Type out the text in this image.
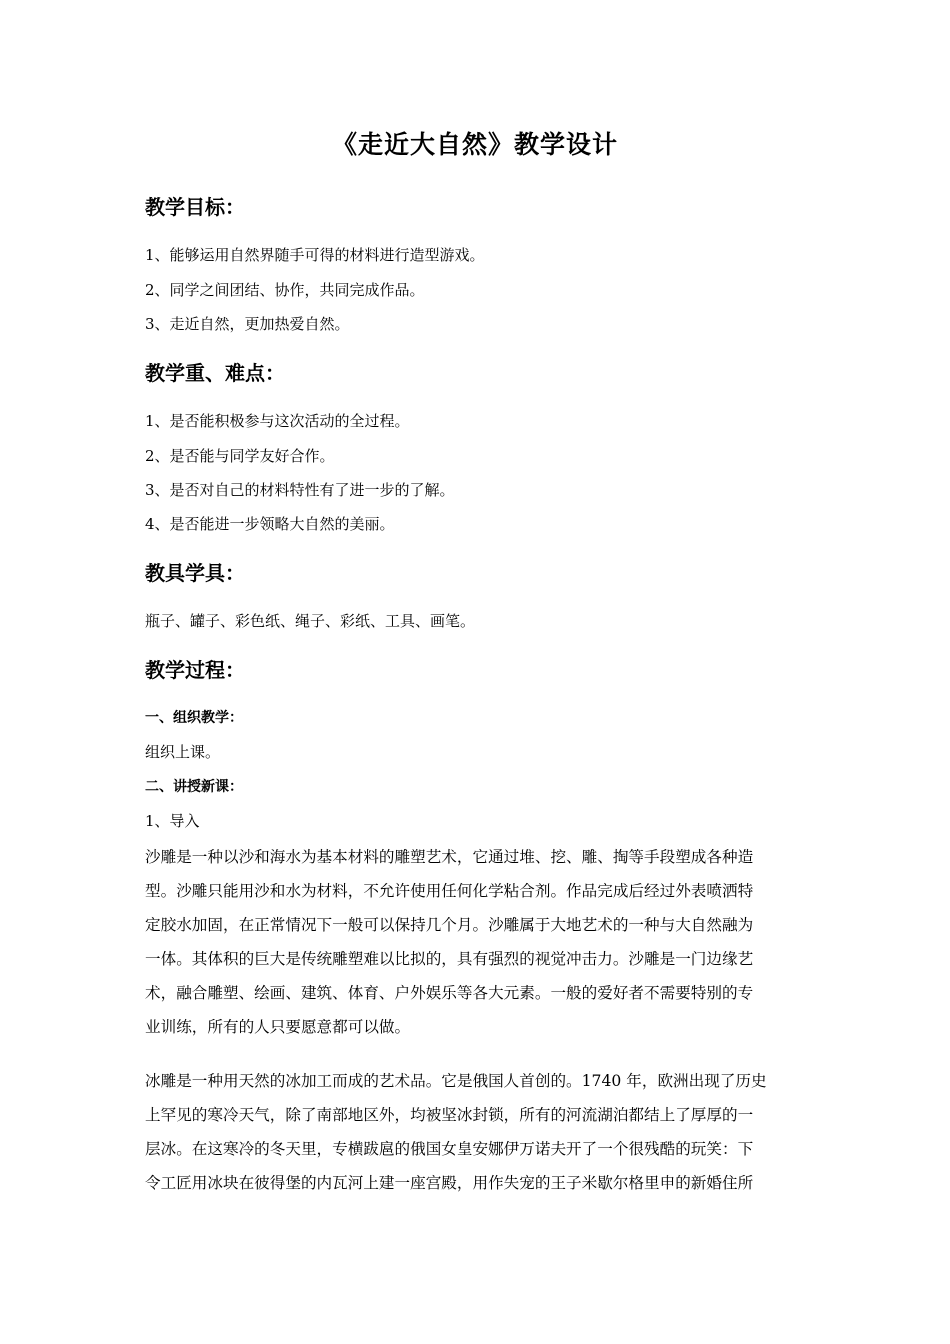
《走近大自然》教学设计
教学目标：
1、能够运用自然界随手可得的材料进行造型游戏。
2、同学之间团结、协作，共同完成作品。
3、走近自然，更加热爱自然。
教学重、难点：
1、是否能积极参与这次活动的全过程。
2、是否能与同学友好合作。
3、是否对自己的材料特性有了进一步的了解。
4、是否能进一步领略大自然的美丽。
教具学具：
瓶子、罐子、彩色纸、绳子、彩纸、工具、画笔。
教学过程：
一、组织教学：
组织上课。
二、讲授新课：
1、导入
沙雕是一种以沙和海水为基本材料的雕塑艺术，它通过堆、挖、雕、掏等手段塑成各种造
型。沙雕只能用沙和水为材料，不允许使用任何化学粘合剂。作品完成后经过外表喷洒特
定胶水加固，在正常情况下一般可以保持几个月。沙雕属于大地艺术的一种与大自然融为
一体。其体积的巨大是传统雕塑难以比拟的，具有强烈的视觉冲击力。沙雕是一门边缘艺
术，融合雕塑、绘画、建筑、体育、户外娱乐等各大元素。一般的爱好者不需要特别的专
业训练，所有的人只要愿意都可以做。
冰雕是一种用天然的冰加工而成的艺术品。它是俄国人首创的。1740 年，欧洲出现了历史
上罕见的寒冷天气，除了南部地区外，均被坚冰封锁，所有的河流湖泊都结上了厚厚的一
层冰。在这寒冷的冬天里，专横跋扈的俄国女皇安娜伊万诺夫开了一个很残酷的玩笑：下
令工匠用冰块在彼得堡的内瓦河上建一座宫殿，用作失宠的王子米歇尔格里申的新婚住所
